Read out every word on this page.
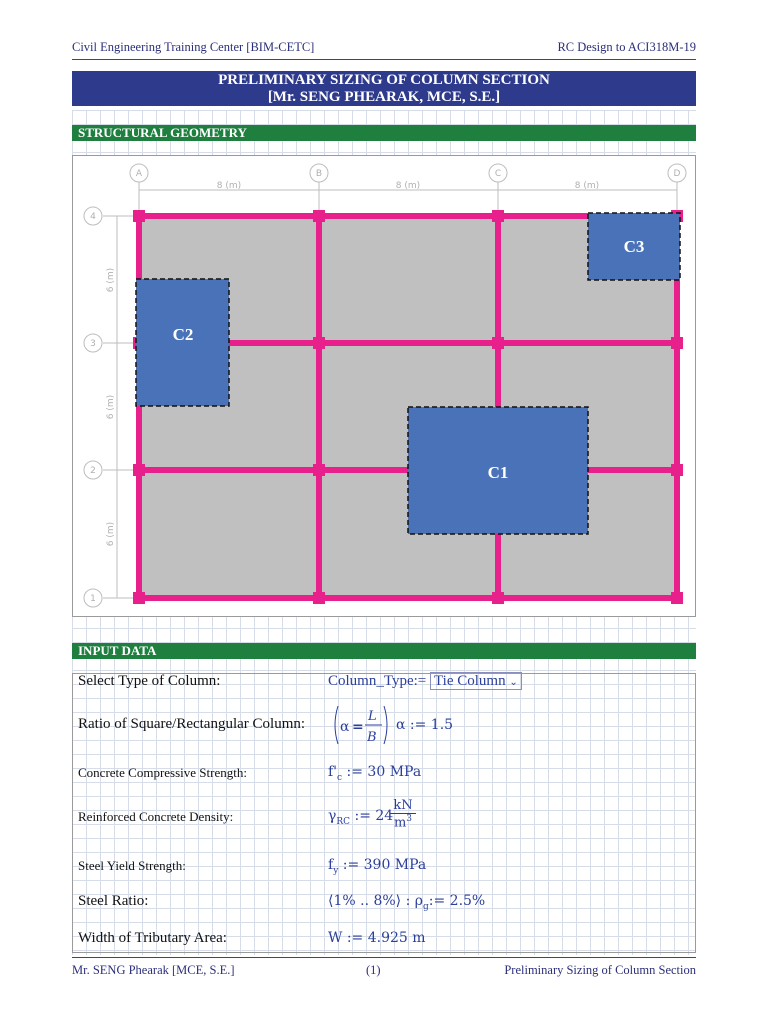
Civil Engineering Training Center [BIM-CETC]	RC Design to ACI318M-19
PRELIMINARY SIZING OF COLUMN SECTION
[Mr. SENG PHEARAK, MCE, S.E.]
STRUCTURAL GEOMETRY
A	B	C	D
4
3
2
1
8 (m)	8 (m)	8 (m)
6 (m)
6 (m)
6 (m)
C1
C2
C3
INPUT DATA
Select Type of Column:	Column_Type:= Tie Column ⌄
Ratio of Square/Rectangular Column: α =
L
B
α := 1.5
Concrete Compressive Strength:	$f'_c$ := 30 MPa
Reinforced Concrete Density:	$\gamma_{RC}$ := 24
kN
$m^3$
Steel Yield Strength:	$f_y$ := 390 MPa
Steel Ratio:	⟨1% .. 8%⟩ : $\rho_g:= 2.5\%$
Width of Tributary Area:	W := 4.925 m
Mr. SENG Phearak [MCE, S.E.]	(1)	Preliminary Sizing of Column Section
